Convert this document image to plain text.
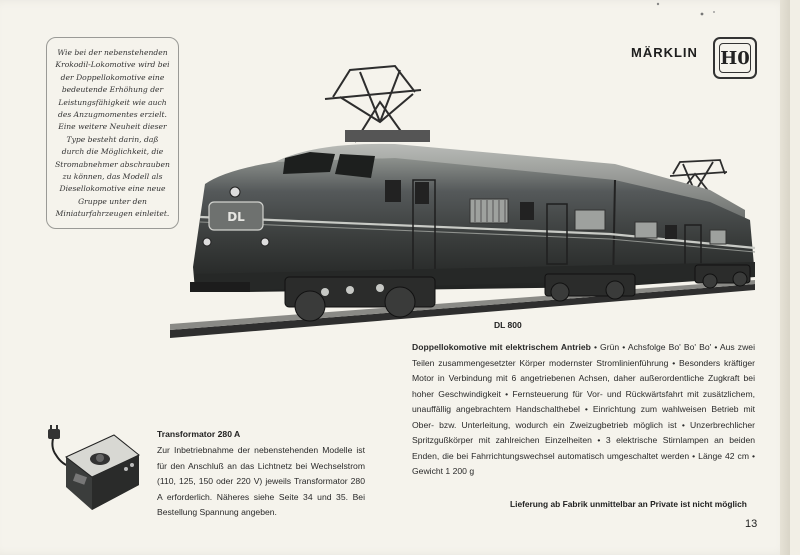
Wie bei der nebenstehenden Krokodil-Lokomotive wird bei der Doppellokomotive eine bedeutende Erhöhung der Leistungsfähigkeit wie auch des Anzugmomentes erzielt. Eine weitere Neuheit dieser Type besteht darin, daß durch die Möglichkeit, die Stromabnehmer abschrauben zu können, das Modell als Diesellokomotive eine neue Gruppe unter den Miniaturfahrzeugen einleitet.
MÄRKLIN H0
DL
DL 800
Doppellokomotive mit elektrischem Antrieb • Grün • Achsfolge Bo' Bo' Bo' • Aus zwei Teilen zusammengesetzter Körper modernster Stromlinienführung • Besonders kräftiger Motor in Verbindung mit 6 angetriebenen Achsen, daher außerordentliche Zugkraft bei hoher Geschwindigkeit • Fernsteuerung für Vor- und Rückwärtsfahrt mit zusätzlichem, unauffällig angebrachtem Handschalthebel • Einrichtung zum wahlweisen Betrieb mit Ober- bzw. Unterleitung, wodurch ein Zweizugbetrieb möglich ist • Unzerbrechlicher Spritzgußkörper mit zahlreichen Einzelheiten • 3 elektrische Stirnlampen an beiden Enden, die bei Fahrrichtungswechsel automatisch umgeschaltet werden • Länge 42 cm • Gewicht 1 200 g
Transformator 280 A
Zur Inbetriebnahme der nebenstehenden Modelle ist für den Anschluß an das Lichtnetz bei Wechselstrom (110, 125, 150 oder 220 V) jeweils Transformator 280 A erforderlich. Näheres siehe Seite 34 und 35. Bei Bestellung Spannung angeben.
Lieferung ab Fabrik unmittelbar an Private ist nicht möglich
13
